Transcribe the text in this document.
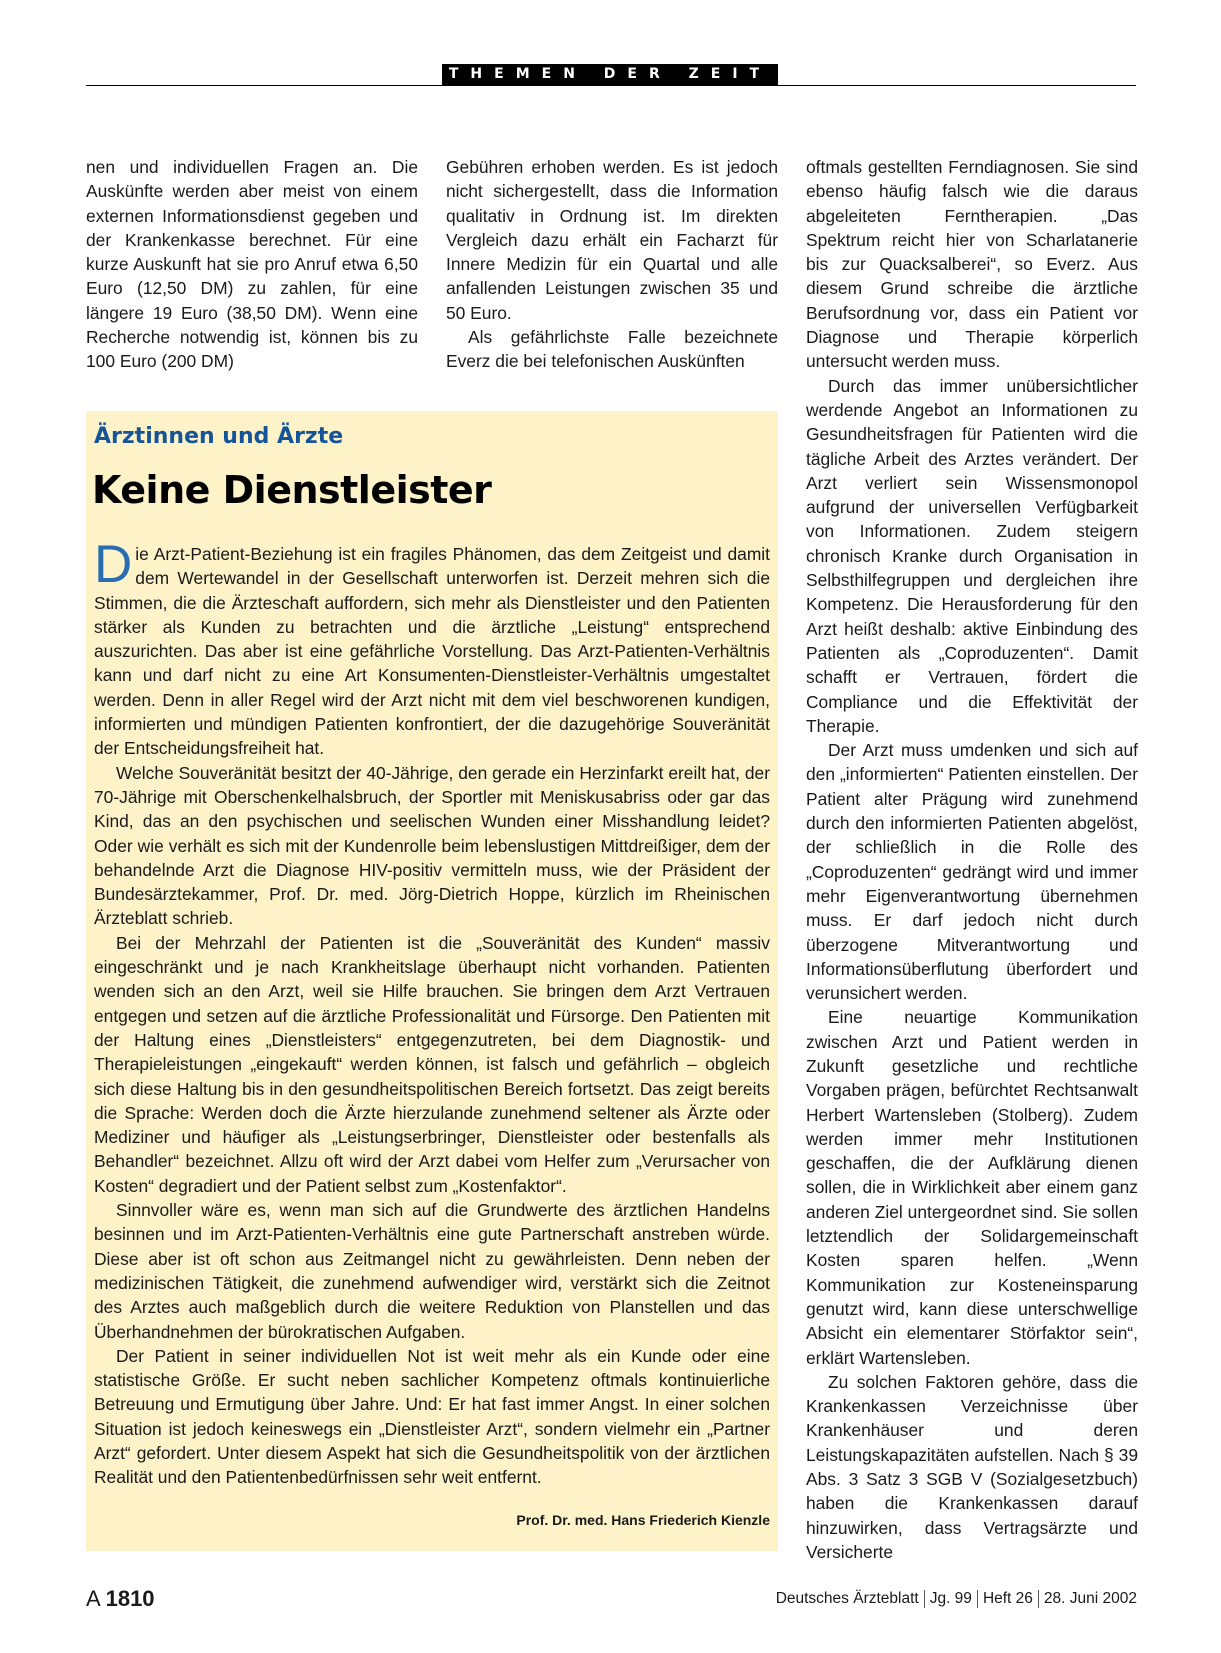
THEMEN DER ZEIT

nen und individuellen Fragen an. Die Auskünfte werden aber meist von einem externen Informationsdienst gegeben und der Krankenkasse berechnet. Für eine kurze Auskunft hat sie pro Anruf etwa 6,50 Euro (12,50 DM) zu zahlen, für eine längere 19 Euro (38,50 DM). Wenn eine Recherche notwendig ist, können bis zu 100 Euro (200 DM)

Gebühren erhoben werden. Es ist jedoch nicht sichergestellt, dass die Information qualitativ in Ordnung ist. Im direkten Vergleich dazu erhält ein Facharzt für Innere Medizin für ein Quartal und alle anfallenden Leistungen zwischen 35 und 50 Euro.

Als gefährlichste Falle bezeichnete Everz die bei telefonischen Auskünften

oftmals gestellten Ferndiagnosen. Sie sind ebenso häufig falsch wie die daraus abgeleiteten Ferntherapien. „Das Spektrum reicht hier von Scharlatanerie bis zur Quacksalberei“, so Everz. Aus diesem Grund schreibe die ärztliche Berufsordnung vor, dass ein Patient vor Diagnose und Therapie körperlich untersucht werden muss.

Durch das immer unübersichtlicher werdende Angebot an Informationen zu Gesundheitsfragen für Patienten wird die tägliche Arbeit des Arztes verändert. Der Arzt verliert sein Wissensmonopol aufgrund der universellen Verfügbarkeit von Informationen. Zudem steigern chronisch Kranke durch Organisation in Selbsthilfegruppen und dergleichen ihre Kompetenz. Die Herausforderung für den Arzt heißt deshalb: aktive Einbindung des Patienten als „Coproduzenten“. Damit schafft er Vertrauen, fördert die Compliance und die Effektivität der Therapie.

Der Arzt muss umdenken und sich auf den „informierten“ Patienten einstellen. Der Patient alter Prägung wird zunehmend durch den informierten Patienten abgelöst, der schließlich in die Rolle des „Coproduzenten“ gedrängt wird und immer mehr Eigenverantwortung übernehmen muss. Er darf jedoch nicht durch überzogene Mitverantwortung und Informationsüberflutung überfordert und verunsichert werden.

Eine neuartige Kommunikation zwischen Arzt und Patient werden in Zukunft gesetzliche und rechtliche Vorgaben prägen, befürchtet Rechtsanwalt Herbert Wartensleben (Stolberg). Zudem werden immer mehr Institutionen geschaffen, die der Aufklärung dienen sollen, die in Wirklichkeit aber einem ganz anderen Ziel untergeordnet sind. Sie sollen letztendlich der Solidargemeinschaft Kosten sparen helfen. „Wenn Kommunikation zur Kosteneinsparung genutzt wird, kann diese unterschwellige Absicht ein elementarer Störfaktor sein“, erklärt Wartensleben.

Zu solchen Faktoren gehöre, dass die Krankenkassen Verzeichnisse über Krankenhäuser und deren Leistungskapazitäten aufstellen. Nach § 39 Abs. 3 Satz 3 SGB V (Sozialgesetzbuch) haben die Krankenkassen darauf hinzuwirken, dass Vertragsärzte und Versicherte

Ärztinnen und Ärzte
Keine Dienstleister

Die Arzt-Patient-Beziehung ist ein fragiles Phänomen, das dem Zeitgeist und damit dem Wertewandel in der Gesellschaft unterworfen ist. Derzeit mehren sich die Stimmen, die die Ärzteschaft auffordern, sich mehr als Dienstleister und den Patienten stärker als Kunden zu betrachten und die ärztliche „Leistung“ entsprechend auszurichten. Das aber ist eine gefährliche Vorstellung. Das Arzt-Patienten-Verhältnis kann und darf nicht zu eine Art Konsumenten-Dienstleister-Verhältnis umgestaltet werden. Denn in aller Regel wird der Arzt nicht mit dem viel beschworenen kundigen, informierten und mündigen Patienten konfrontiert, der die dazugehörige Souveränität der Entscheidungsfreiheit hat.

Welche Souveränität besitzt der 40-Jährige, den gerade ein Herzinfarkt ereilt hat, der 70-Jährige mit Oberschenkelhalsbruch, der Sportler mit Meniskusabriss oder gar das Kind, das an den psychischen und seelischen Wunden einer Misshandlung leidet? Oder wie verhält es sich mit der Kundenrolle beim lebenslustigen Mittdreißiger, dem der behandelnde Arzt die Diagnose HIV-positiv vermitteln muss, wie der Präsident der Bundesärztekammer, Prof. Dr. med. Jörg-Dietrich Hoppe, kürzlich im Rheinischen Ärzteblatt schrieb.

Bei der Mehrzahl der Patienten ist die „Souveränität des Kunden“ massiv eingeschränkt und je nach Krankheitslage überhaupt nicht vorhanden. Patienten wenden sich an den Arzt, weil sie Hilfe brauchen. Sie bringen dem Arzt Vertrauen entgegen und setzen auf die ärztliche Professionalität und Fürsorge. Den Patienten mit der Haltung eines „Dienstleisters“ entgegenzutreten, bei dem Diagnostik- und Therapieleistungen „eingekauft“ werden können, ist falsch und gefährlich – obgleich sich diese Haltung bis in den gesundheitspolitischen Bereich fortsetzt. Das zeigt bereits die Sprache: Werden doch die Ärzte hierzulande zunehmend seltener als Ärzte oder Mediziner und häufiger als „Leistungserbringer, Dienstleister oder bestenfalls als Behandler“ bezeichnet. Allzu oft wird der Arzt dabei vom Helfer zum „Verursacher von Kosten“ degradiert und der Patient selbst zum „Kostenfaktor“.

Sinnvoller wäre es, wenn man sich auf die Grundwerte des ärztlichen Handelns besinnen und im Arzt-Patienten-Verhältnis eine gute Partnerschaft anstreben würde. Diese aber ist oft schon aus Zeitmangel nicht zu gewährleisten. Denn neben der medizinischen Tätigkeit, die zunehmend aufwendiger wird, verstärkt sich die Zeitnot des Arztes auch maßgeblich durch die weitere Reduktion von Planstellen und das Überhandnehmen der bürokratischen Aufgaben.

Der Patient in seiner individuellen Not ist weit mehr als ein Kunde oder eine statistische Größe. Er sucht neben sachlicher Kompetenz oftmals kontinuierliche Betreuung und Ermutigung über Jahre. Und: Er hat fast immer Angst. In einer solchen Situation ist jedoch keineswegs ein „Dienstleister Arzt“, sondern vielmehr ein „Partner Arzt“ gefordert. Unter diesem Aspekt hat sich die Gesundheitspolitik von der ärztlichen Realität und den Patientenbedürfnissen sehr weit entfernt.

Prof. Dr. med. Hans Friederich Kienzle
A 1810	Deutsches Ärzteblatt Jg. 99 Heft 26 28. Juni 2002
